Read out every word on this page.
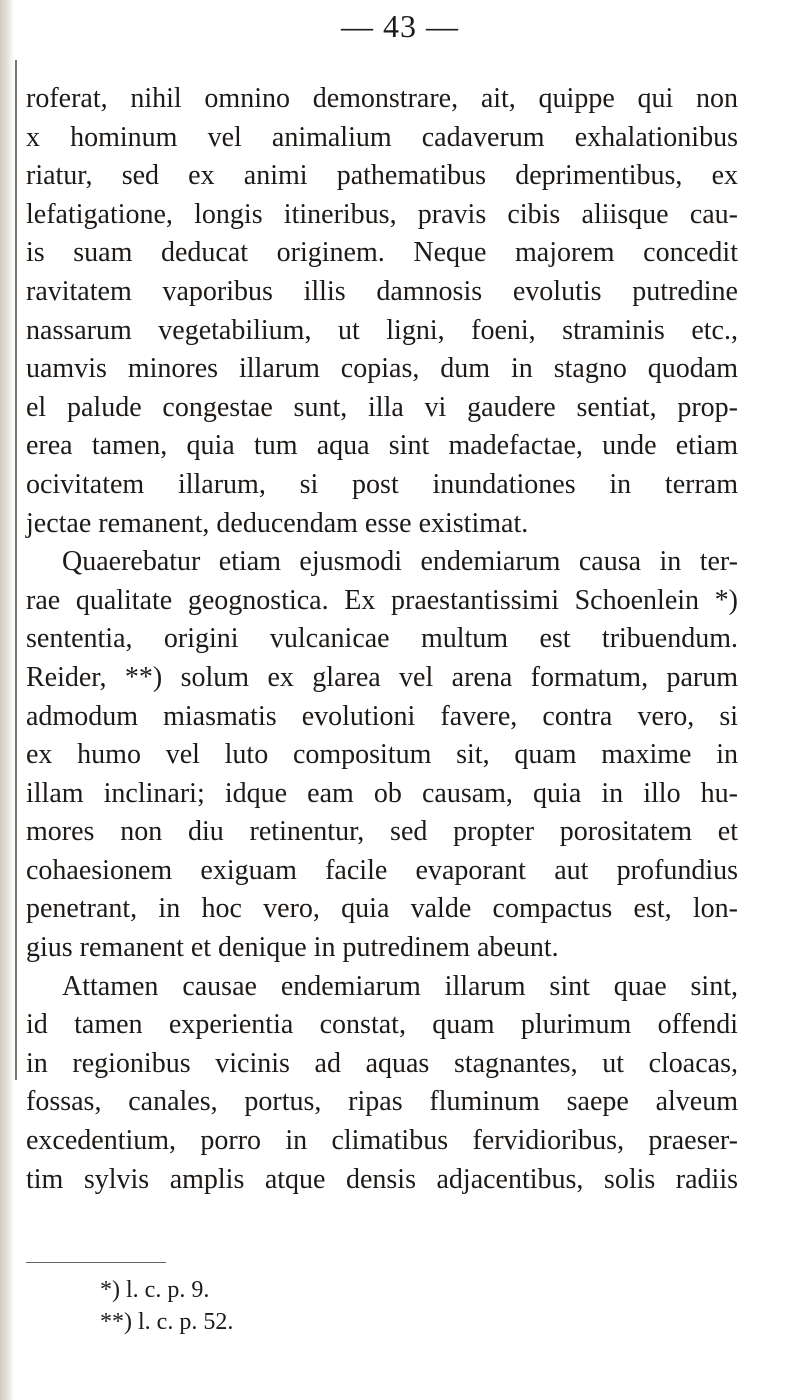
— 43 —
roferat, nihil omnino demonstrare, ait, quippe qui non
x hominum vel animalium cadaverum exhalationibus
riatur, sed ex animi pathematibus deprimentibus, ex
lefatigatione, longis itineribus, pravis cibis aliisque cau-
is suam deducat originem. Neque majorem concedit
ravitatem vaporibus illis damnosis evolutis putredine
nassarum vegetabilium, ut ligni, foeni, straminis etc.,
uamvis minores illarum copias, dum in stagno quodam
el palude congestae sunt, illa vi gaudere sentiat, prop-
erea tamen, quia tum aqua sint madefactae, unde etiam
ocivitatem illarum, si post inundationes in terram
jectae remanent, deducendam esse existimat.
Quaerebatur etiam ejusmodi endemiarum causa in ter-
rae qualitate geognostica. Ex praestantissimi Schoenlein *)
sententia, origini vulcanicae multum est tribuendum.
Reider, **) solum ex glarea vel arena formatum, parum
admodum miasmatis evolutioni favere, contra vero, si
ex humo vel luto compositum sit, quam maxime in
illam inclinari; idque eam ob causam, quia in illo hu-
mores non diu retinentur, sed propter porositatem et
cohaesionem exiguam facile evaporant aut profundius
penetrant, in hoc vero, quia valde compactus est, lon-
gius remanent et denique in putredinem abeunt.
Attamen causae endemiarum illarum sint quae sint,
id tamen experientia constat, quam plurimum offendi
in regionibus vicinis ad aquas stagnantes, ut cloacas,
fossas, canales, portus, ripas fluminum saepe alveum
excedentium, porro in climatibus fervidioribus, praeser-
tim sylvis amplis atque densis adjacentibus, solis radiis
*) l. c. p. 9.
**) l. c. p. 52.
